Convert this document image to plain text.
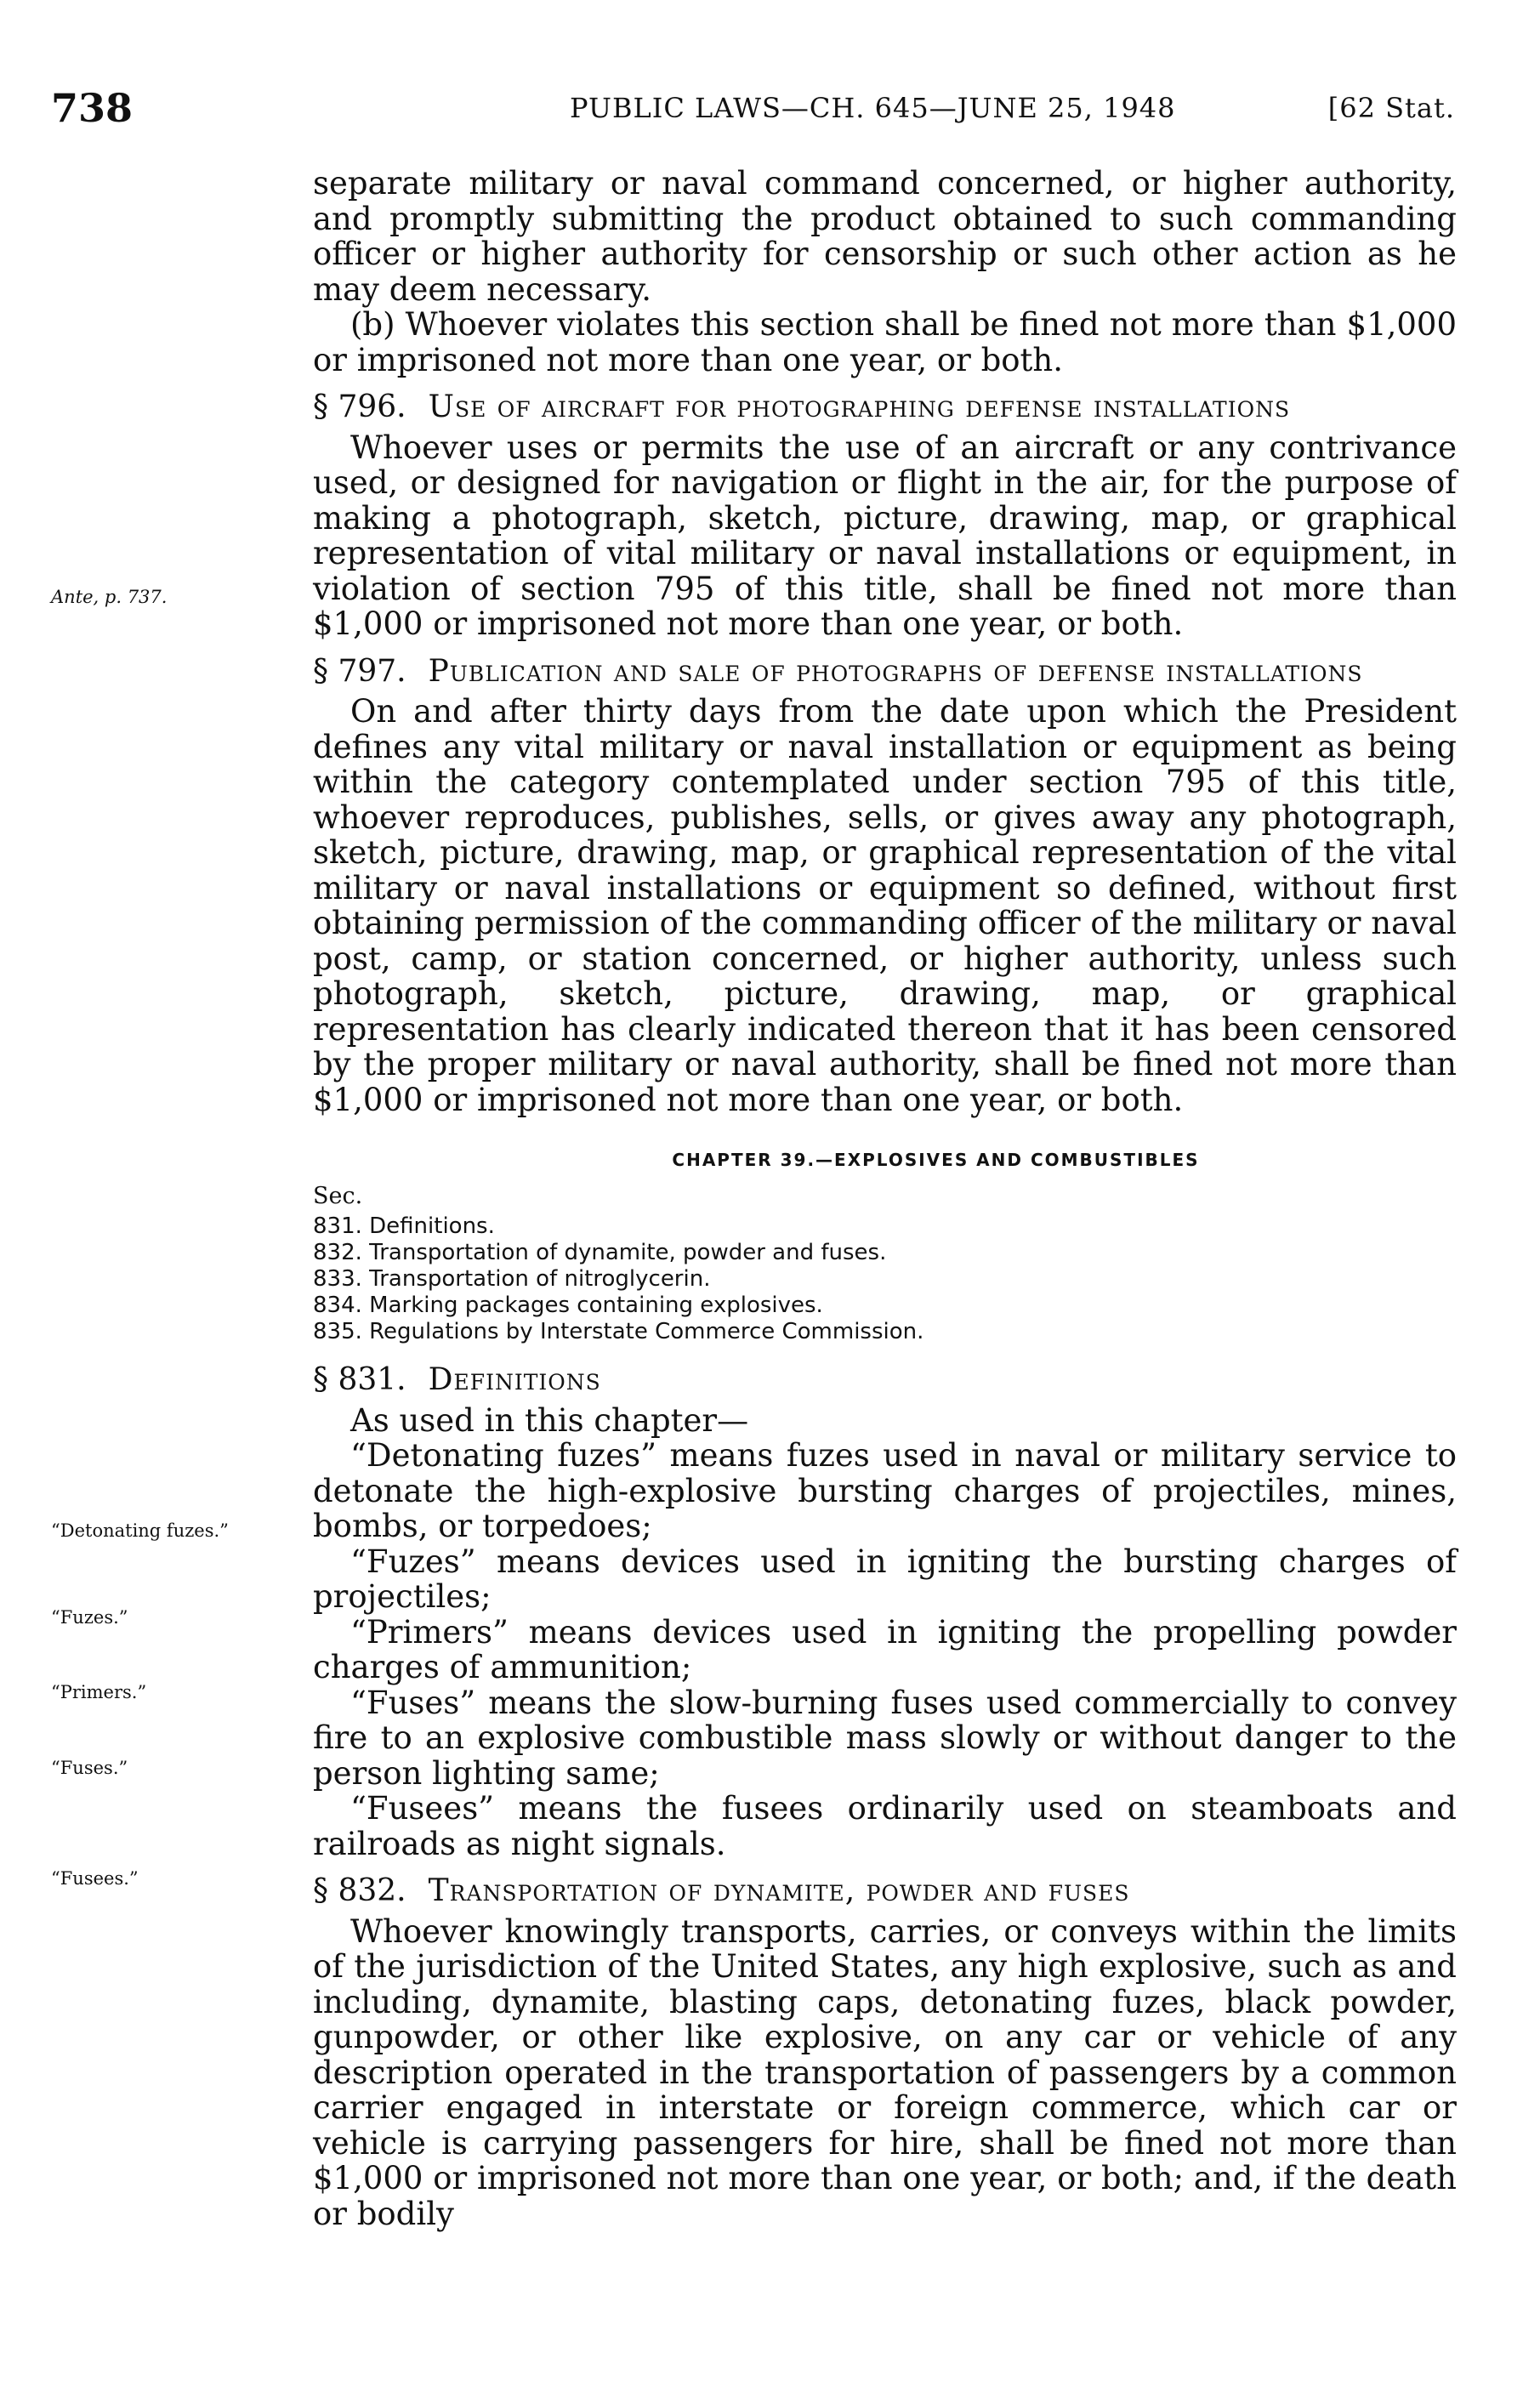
738	PUBLIC LAWS—CH. 645—JUNE 25, 1948	[62 Stat.
Ante, p. 737.
“Detonating fuzes.”
“Fuzes.”
“Primers.”
“Fuses.”
“Fusees.”

separate military or naval command concerned, or higher authority, and promptly submitting the product obtained to such commanding officer or higher authority for censorship or such other action as he may deem necessary.

(b) Whoever violates this section shall be fined not more than $1,000 or imprisoned not more than one year, or both.

§ 796. Use of aircraft for photographing defense installations

Whoever uses or permits the use of an aircraft or any contrivance used, or designed for navigation or flight in the air, for the purpose of making a photograph, sketch, picture, drawing, map, or graphical representation of vital military or naval installations or equipment, in violation of section 795 of this title, shall be fined not more than $1,000 or imprisoned not more than one year, or both.

§ 797. Publication and sale of photographs of defense installations

On and after thirty days from the date upon which the President defines any vital military or naval installation or equipment as being within the category contemplated under section 795 of this title, whoever reproduces, publishes, sells, or gives away any photograph, sketch, picture, drawing, map, or graphical representation of the vital military or naval installations or equipment so defined, without first obtaining permission of the commanding officer of the military or naval post, camp, or station concerned, or higher authority, unless such photograph, sketch, picture, drawing, map, or graphical representation has clearly indicated thereon that it has been censored by the proper military or naval authority, shall be fined not more than $1,000 or imprisoned not more than one year, or both.

CHAPTER 39.—EXPLOSIVES AND COMBUSTIBLES

Sec.

831. Definitions.
832. Transportation of dynamite, powder and fuses.
833. Transportation of nitroglycerin.
834. Marking packages containing explosives.
835. Regulations by Interstate Commerce Commission.
§ 831. Definitions

As used in this chapter—

“Detonating fuzes” means fuzes used in naval or military service to detonate the high-explosive bursting charges of projectiles, mines, bombs, or torpedoes;

“Fuzes” means devices used in igniting the bursting charges of projectiles;

“Primers” means devices used in igniting the propelling powder charges of ammunition;

“Fuses” means the slow-burning fuses used commercially to convey fire to an explosive combustible mass slowly or without danger to the person lighting same;

“Fusees” means the fusees ordinarily used on steamboats and railroads as night signals.

§ 832. Transportation of dynamite, powder and fuses

Whoever knowingly transports, carries, or conveys within the limits of the jurisdiction of the United States, any high explosive, such as and including, dynamite, blasting caps, detonating fuzes, black powder, gunpowder, or other like explosive, on any car or vehicle of any description operated in the transportation of passengers by a common carrier engaged in interstate or foreign commerce, which car or vehicle is carrying passengers for hire, shall be fined not more than $1,000 or imprisoned not more than one year, or both; and, if the death or bodily
